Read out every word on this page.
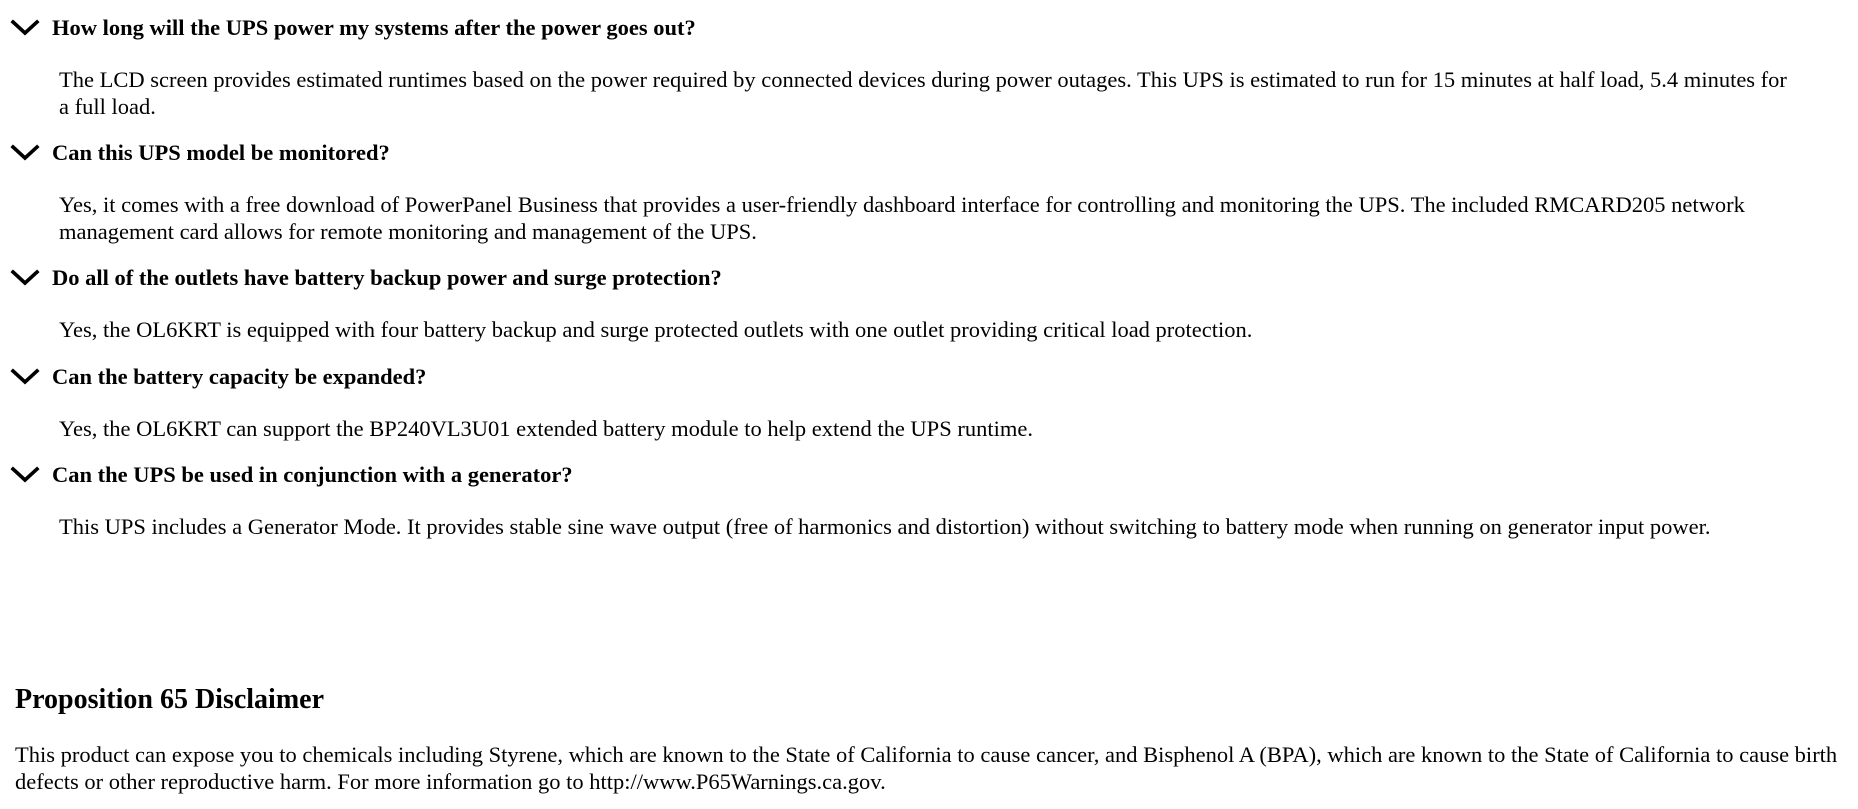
How long will the UPS power my systems after the power goes out?
The LCD screen provides estimated runtimes based on the power required by connected devices during power outages. This UPS is estimated to run for 15 minutes at half load, 5.4 minutes for a full load.
Can this UPS model be monitored?
Yes, it comes with a free download of PowerPanel Business that provides a user-friendly dashboard interface for controlling and monitoring the UPS. The included RMCARD205 network management card allows for remote monitoring and management of the UPS.
Do all of the outlets have battery backup power and surge protection?
Yes, the OL6KRT is equipped with four battery backup and surge protected outlets with one outlet providing critical load protection.
Can the battery capacity be expanded?
Yes, the OL6KRT can support the BP240VL3U01 extended battery module to help extend the UPS runtime.
Can the UPS be used in conjunction with a generator?
This UPS includes a Generator Mode. It provides stable sine wave output (free of harmonics and distortion) without switching to battery mode when running on generator input power.
Proposition 65 Disclaimer
This product can expose you to chemicals including Styrene, which are known to the State of California to cause cancer, and Bisphenol A (BPA), which are known to the State of California to cause birth defects or other reproductive harm. For more information go to http://www.P65Warnings.ca.gov.
